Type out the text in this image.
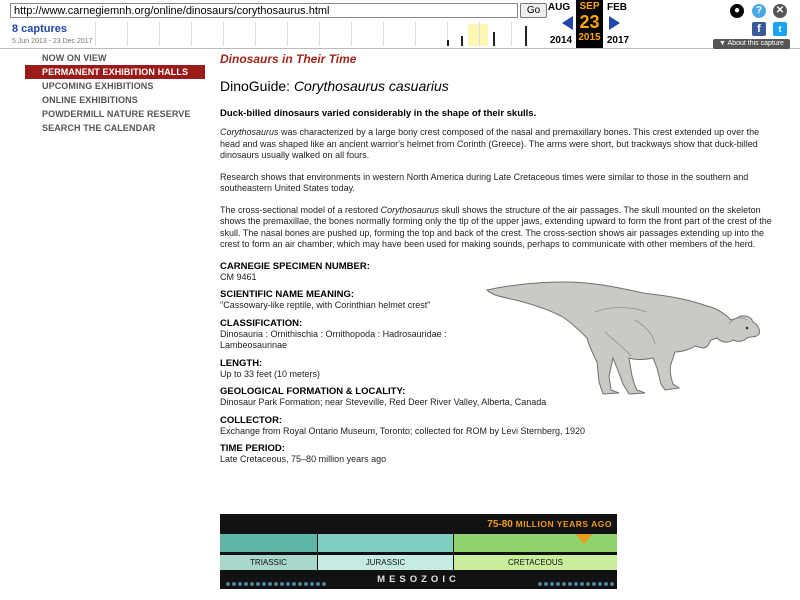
http://www.carnegiemnh.org/online/dinosaurs/corythosaurus.html
Go
8 captures
5 Jun 2013 - 23 Dec 2017
AUG SEP
23
2015
FEB
2014	2017
●	?	✕
f	t
▼ About this capture
NOW ON VIEW
PERMANENT EXHIBITION HALLS
UPCOMING EXHIBITIONS
ONLINE EXHIBITIONS
POWDERMILL NATURE RESERVE
SEARCH THE CALENDAR
Dinosaurs in Their Time
DinoGuide: Corythosaurus casuarius
Duck-billed dinosaurs varied considerably in the shape of their skulls.

Corythosaurus was characterized by a large bony crest composed of the nasal and premaxillary bones. This crest extended up over the head and was shaped like an ancient warrior's helmet from Corinth (Greece). The arms were short, but trackways show that duck-billed dinosaurs usually walked on all fours.

Research shows that environments in western North America during Late Cretaceous times were similar to those in the southern and southeastern United States today.

The cross-sectional model of a restored Corythosaurus skull shows the structure of the air passages. The skull mounted on the skeleton shows the premaxillae, the bones normally forming only the tip of the upper jaws, extending upward to form the front part of the crest of the skull. The nasal bones are pushed up, forming the top and back of the crest. The cross-section shows air passages extending up into the crest to form an air chamber, which may have been used for making sounds, perhaps to communicate with other members of the herd.

CARNEGIE SPECIMEN NUMBER:
CM 9461
SCIENTIFIC NAME MEANING:
"Cassowary-like reptile, with Corinthian helmet crest"
CLASSIFICATION:
Dinosauria : Ornithischia : Ornithopoda : Hadrosauridae : Lambeosaurinae
LENGTH:
Up to 33 feet (10 meters)
GEOLOGICAL FORMATION & LOCALITY:
Dinosaur Park Formation; near Steveville, Red Deer River Valley, Alberta, Canada
COLLECTOR:
Exchange from Royal Ontario Museum, Toronto; collected for ROM by Levi Sternberg, 1920
TIME PERIOD:
Late Cretaceous, 75–80 million years ago
75-80 MILLION YEARS AGO
TRIASSIC	JURASSIC	CRETACEOUS
MESOZOIC
